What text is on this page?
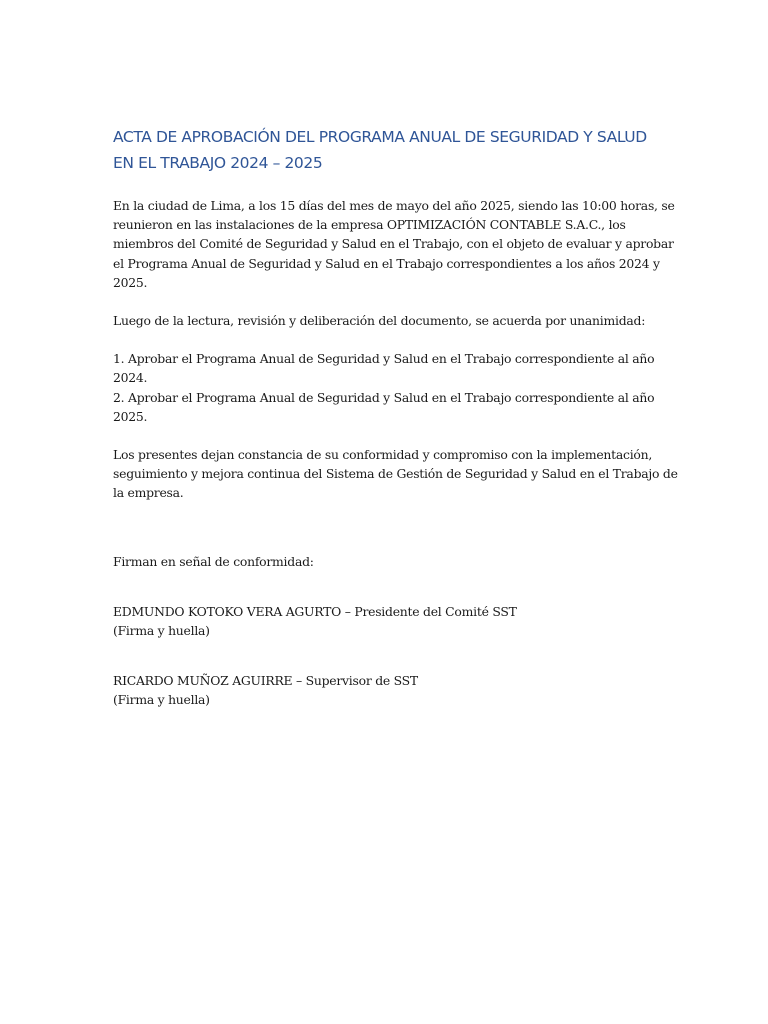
ACTA DE APROBACIÓN DEL PROGRAMA ANUAL DE SEGURIDAD Y SALUD
EN EL TRABAJO 2024 – 2025

En la ciudad de Lima, a los 15 días del mes de mayo del año 2025, siendo las 10:00 horas, se
reunieron en las instalaciones de la empresa OPTIMIZACIÓN CONTABLE S.A.C., los
miembros del Comité de Seguridad y Salud en el Trabajo, con el objeto de evaluar y aprobar
el Programa Anual de Seguridad y Salud en el Trabajo correspondientes a los años 2024 y
2025.

Luego de la lectura, revisión y deliberación del documento, se acuerda por unanimidad:

1. Aprobar el Programa Anual de Seguridad y Salud en el Trabajo correspondiente al año
2024.

2. Aprobar el Programa Anual de Seguridad y Salud en el Trabajo correspondiente al año
2025.

Los presentes dejan constancia de su conformidad y compromiso con la implementación,
seguimiento y mejora continua del Sistema de Gestión de Seguridad y Salud en el Trabajo de
la empresa.

Firman en señal de conformidad:

EDMUNDO KOTOKO VERA AGURTO – Presidente del Comité SST
(Firma y huella)
RICARDO MUÑOZ AGUIRRE – Supervisor de SST
(Firma y huella)
